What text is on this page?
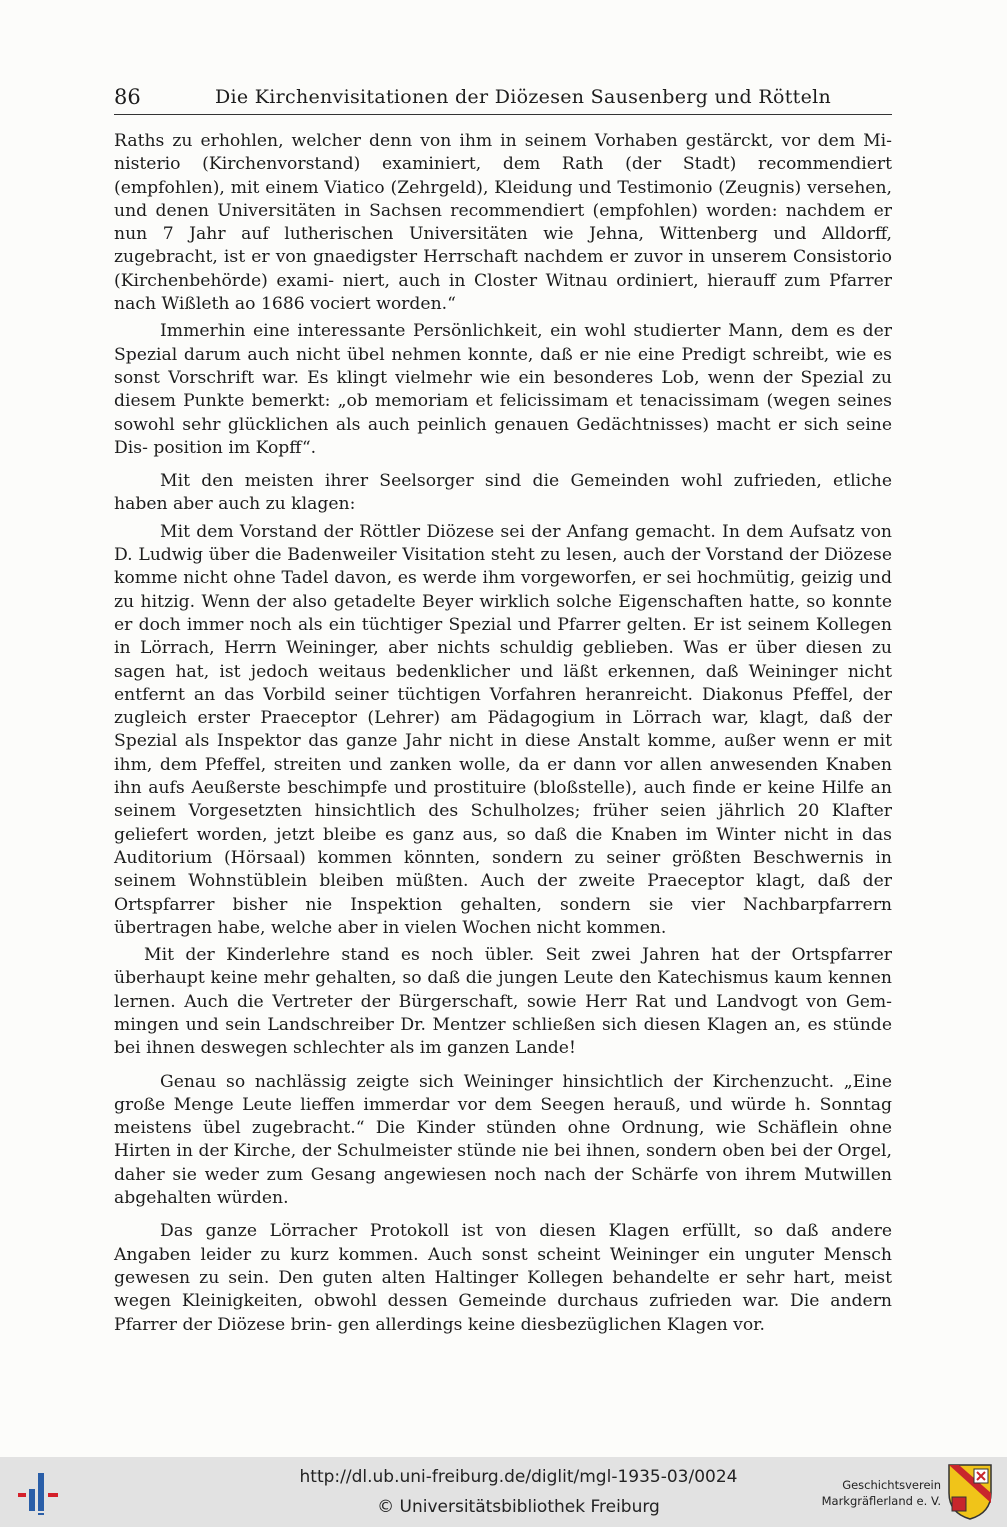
86	Die Kirchenvisitationen der Diözesen Sausenberg und Rötteln

Raths zu erhohlen, welcher denn von ihm in seinem Vorhaben gestärckt, vor dem Mi- nisterio (Kirchenvorstand) examiniert, dem Rath (der Stadt) recommendiert (empfohlen), mit einem Viatico (Zehrgeld), Kleidung und Testimonio (Zeugnis) versehen, und denen Universitäten in Sachsen recommendiert (empfohlen) worden: nachdem er nun 7 Jahr auf lutherischen Universitäten wie Jehna, Wittenberg und Alldorff, zugebracht, ist er von gnaedigster Herrschaft nachdem er zuvor in unserem Consistorio (Kirchenbehörde) exami- niert, auch in Closter Witnau ordiniert, hierauff zum Pfarrer nach Wißleth ao 1686 vociert worden.“

Immerhin eine interessante Persönlichkeit, ein wohl studierter Mann, dem es der Spezial darum auch nicht übel nehmen konnte, daß er nie eine Predigt schreibt, wie es sonst Vorschrift war. Es klingt vielmehr wie ein besonderes Lob, wenn der Spezial zu diesem Punkte bemerkt: „ob memoriam et felicissimam et tenacissimam (wegen seines sowohl sehr glücklichen als auch peinlich genauen Gedächtnisses) macht er sich seine Dis- position im Kopff“.

Mit den meisten ihrer Seelsorger sind die Gemeinden wohl zufrieden, etliche haben aber auch zu klagen:

Mit dem Vorstand der Röttler Diözese sei der Anfang gemacht. In dem Aufsatz von D. Ludwig über die Badenweiler Visitation steht zu lesen, auch der Vorstand der Diözese komme nicht ohne Tadel davon, es werde ihm vorgeworfen, er sei hochmütig, geizig und zu hitzig. Wenn der also getadelte Beyer wirklich solche Eigenschaften hatte, so konnte er doch immer noch als ein tüchtiger Spezial und Pfarrer gelten. Er ist seinem Kollegen in Lörrach, Herrn Weininger, aber nichts schuldig geblieben. Was er über diesen zu sagen hat, ist jedoch weitaus bedenklicher und läßt erkennen, daß Weininger nicht entfernt an das Vorbild seiner tüchtigen Vorfahren heranreicht. Diakonus Pfeffel, der zugleich erster Praeceptor (Lehrer) am Pädagogium in Lörrach war, klagt, daß der Spezial als Inspektor das ganze Jahr nicht in diese Anstalt komme, außer wenn er mit ihm, dem Pfeffel, streiten und zanken wolle, da er dann vor allen anwesenden Knaben ihn aufs Aeußerste beschimpfe und prostituire (bloßstelle), auch finde er keine Hilfe an seinem Vorgesetzten hinsichtlich des Schulholzes; früher seien jährlich 20 Klafter geliefert worden, jetzt bleibe es ganz aus, so daß die Knaben im Winter nicht in das Auditorium (Hörsaal) kommen könnten, sondern zu seiner größten Beschwernis in seinem Wohnstüblein bleiben müßten. Auch der zweite Praeceptor klagt, daß der Ortspfarrer bisher nie Inspektion gehalten, sondern sie vier Nachbarpfarrern übertragen habe, welche aber in vielen Wochen nicht kommen.

Mit der Kinderlehre stand es noch übler. Seit zwei Jahren hat der Ortspfarrer überhaupt keine mehr gehalten, so daß die jungen Leute den Katechismus kaum kennen lernen. Auch die Vertreter der Bürgerschaft, sowie Herr Rat und Landvogt von Gem- mingen und sein Landschreiber Dr. Mentzer schließen sich diesen Klagen an, es stünde bei ihnen deswegen schlechter als im ganzen Lande!

Genau so nachlässig zeigte sich Weininger hinsichtlich der Kirchenzucht. „Eine große Menge Leute lieffen immerdar vor dem Seegen herauß, und würde h. Sonntag meistens übel zugebracht.“ Die Kinder stünden ohne Ordnung, wie Schäflein ohne Hirten in der Kirche, der Schulmeister stünde nie bei ihnen, sondern oben bei der Orgel, daher sie weder zum Gesang angewiesen noch nach der Schärfe von ihrem Mutwillen abgehalten würden.

Das ganze Lörracher Protokoll ist von diesen Klagen erfüllt, so daß andere Angaben leider zu kurz kommen. Auch sonst scheint Weininger ein unguter Mensch gewesen zu sein. Den guten alten Haltinger Kollegen behandelte er sehr hart, meist wegen Kleinigkeiten, obwohl dessen Gemeinde durchaus zufrieden war. Die andern Pfarrer der Diözese brin- gen allerdings keine diesbezüglichen Klagen vor.

http://dl.ub.uni-freiburg.de/diglit/mgl-1935-03/0024
© Universitätsbibliothek Freiburg
Geschichtsverein
Markgräflerland e. V.
